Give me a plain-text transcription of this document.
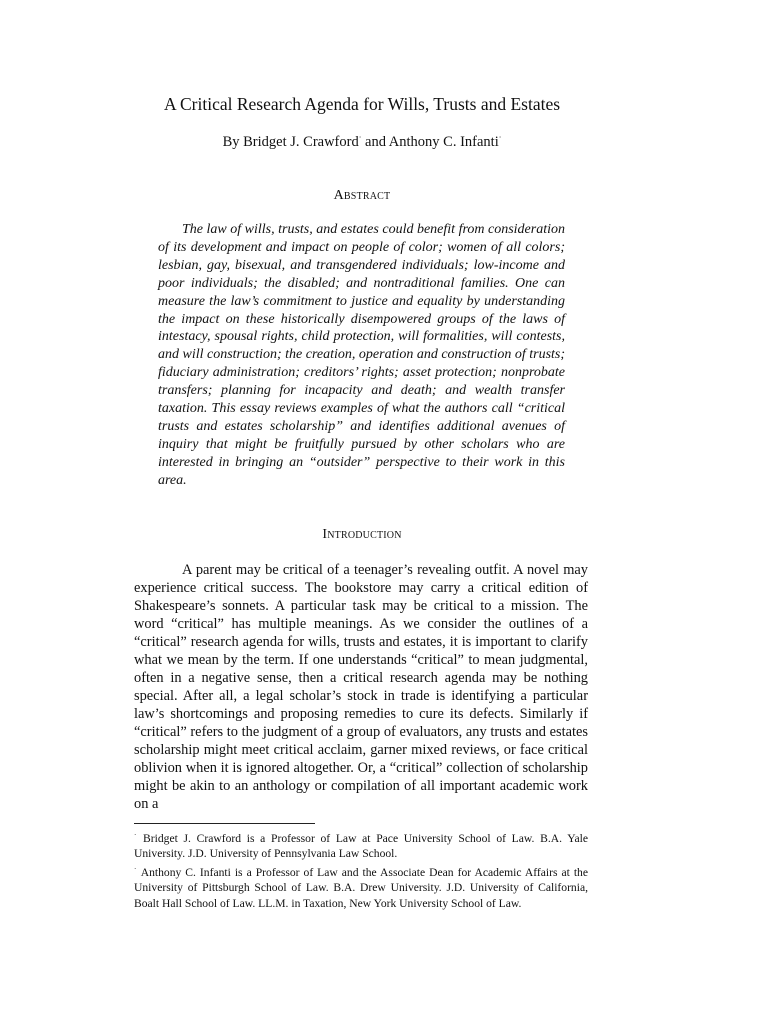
A Critical Research Agenda for Wills, Trusts and Estates
By Bridget J. Crawford· and Anthony C. Infanti·
Abstract

The law of wills, trusts, and estates could benefit from consideration of its development and impact on people of color; women of all colors; lesbian, gay, bisexual, and transgendered individuals; low-income and poor individuals; the disabled; and nontraditional families. One can measure the law’s commitment to justice and equality by understanding the impact on these historically disempowered groups of the laws of intestacy, spousal rights, child protection, will formalities, will contests, and will construction; the creation, operation and construction of trusts; fiduciary administration; creditors’ rights; asset protection; nonprobate transfers; planning for incapacity and death; and wealth transfer taxation. This essay reviews examples of what the authors call “critical trusts and estates scholarship” and identifies additional avenues of inquiry that might be fruitfully pursued by other scholars who are interested in bringing an “outsider” perspective to their work in this area.

Introduction

A parent may be critical of a teenager’s revealing outfit. A novel may experience critical success. The bookstore may carry a critical edition of Shakespeare’s sonnets. A particular task may be critical to a mission. The word “critical” has multiple meanings. As we consider the outlines of a “critical” research agenda for wills, trusts and estates, it is important to clarify what we mean by the term. If one understands “critical” to mean judgmental, often in a negative sense, then a critical research agenda may be nothing special. After all, a legal scholar’s stock in trade is identifying a particular law’s shortcomings and proposing remedies to cure its defects. Similarly if “critical” refers to the judgment of a group of evaluators, any trusts and estates scholarship might meet critical acclaim, garner mixed reviews, or face critical oblivion when it is ignored altogether. Or, a “critical” collection of scholarship might be akin to an anthology or compilation of all important academic work on a

· Bridget J. Crawford is a Professor of Law at Pace University School of Law. B.A. Yale University. J.D. University of Pennsylvania Law School.

· Anthony C. Infanti is a Professor of Law and the Associate Dean for Academic Affairs at the University of Pittsburgh School of Law. B.A. Drew University. J.D. University of California, Boalt Hall School of Law. LL.M. in Taxation, New York University School of Law.
